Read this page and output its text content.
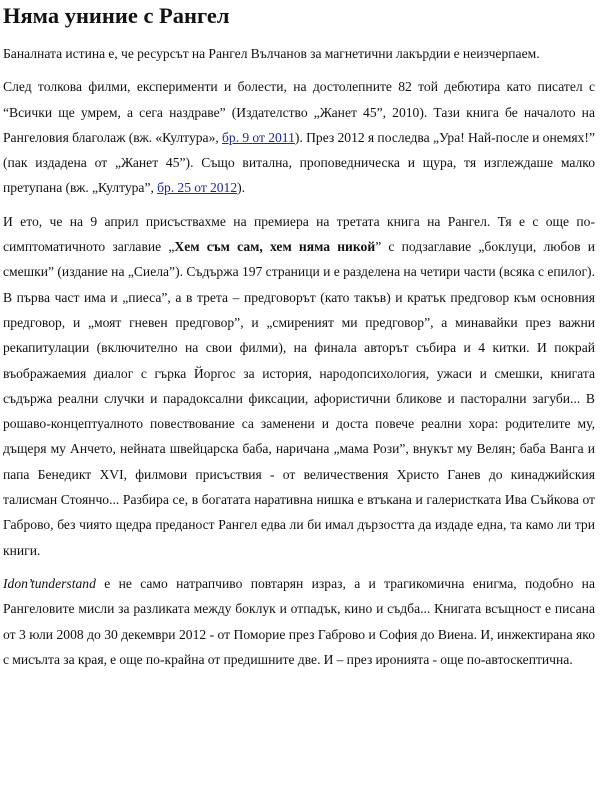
Няма униние с Рангел

Баналната истина е, че ресурсът на Рангел Вълчанов за магнетични лакърдии е неизчерпаем.

След толкова филми, експерименти и болести, на достолепните 82 той дебютира като писател с “Всички ще умрем, а сега наздраве” (Издателство „Жанет 45”, 2010). Тази книга бе началото на Рангеловия благолаж (вж. «Култура», бр. 9 от 2011). През 2012 я последва „Ура! Най-после и онемях!” (пак издадена от „Жанет 45”). Също витална, проповедническа и щура, тя изглеждаше малко претупана (вж. „Култура”, бр. 25 от 2012).

И ето, че на 9 април присъствахме на премиера на третата книга на Рангел. Тя е с още по-симптоматичното заглавие „Хем съм сам, хем няма никой” с подзаглавие „боклуци, любов и смешки” (издание на „Сиела”). Съдържа 197 страници и е разделена на четири части (всяка с епилог). В първа част има и „пиеса”, а в трета – предговорът (като такъв) и кратък предговор към основния предговор, и „моят гневен предговор”, и „смиреният ми предговор”, а минавайки през важни рекапитулации (включително на свои филми), на финала авторът събира и 4 китки. И покрай въображаемия диалог с гърка Йоргос за история, народопсихология, ужаси и смешки, книгата съдържа реални случки и парадоксални фиксации, афористични бликове и пасторални загуби... В рошаво-концептуалното повествование са заменени и доста повече реални хора: родителите му, дъщеря му Анчето, нейната швейцарска баба, наричана „мама Рози”, внукът му Велян; баба Ванга и папа Бенедикт XVI, филмови присъствия - от величествения Христо Ганев до кинаджийския талисман Стоянчо... Разбира се, в богатата наративна нишка е втъкана и галеристката Ива Съйкова от Габрово, без чиято щедра преданост Рангел едва ли би имал дързостта да издаде една, та камо ли три книги.

Idon’tunderstand е не само натрапчиво повтарян израз, а и трагикомична енигма, подобно на Рангеловите мисли за разликата между боклук и отпадък, кино и съдба... Книгата всъщност е писана от 3 юли 2008 до 30 декември 2012 - от Поморие през Габрово и София до Виена. И, инжектирана яко с мисълта за края, е още по-крайна от предишните две. И – през иронията - още по-автоскептична.
